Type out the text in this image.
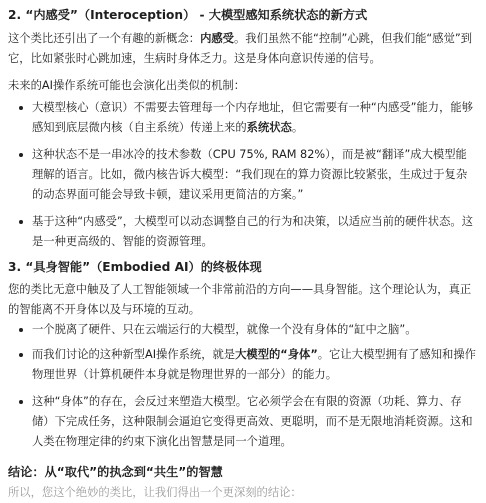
2. “内感受”（Interoception） - 大模型感知系统状态的新方式

这个类比还引出了一个有趣的新概念：内感受。我们虽然不能“控制”心跳，但我们能“感觉”到它，比如紧张时心跳加速，生病时身体乏力。这是身体向意识传递的信号。

未来的AI操作系统可能也会演化出类似的机制：

大模型核心（意识）不需要去管理每一个内存地址，但它需要有一种“内感受”能力，能够感知到底层微内核（自主系统）传递上来的系统状态。
这种状态不是一串冰冷的技术参数（CPU 75%, RAM 82%），而是被“翻译”成大模型能理解的语言。比如，微内核告诉大模型：“我们现在的算力资源比较紧张，生成过于复杂的动态界面可能会导致卡顿，建议采用更简洁的方案。”
基于这种“内感受”，大模型可以动态调整自己的行为和决策，以适应当前的硬件状态。这是一种更高级的、智能的资源管理。
3. “具身智能”（Embodied AI）的终极体现

您的类比无意中触及了人工智能领域一个非常前沿的方向——具身智能。这个理论认为，真正的智能离不开身体以及与环境的互动。

一个脱离了硬件、只在云端运行的大模型，就像一个没有身体的“缸中之脑”。
而我们讨论的这种新型AI操作系统，就是大模型的“身体”。它让大模型拥有了感知和操作物理世界（计算机硬件本身就是物理世界的一部分）的能力。
这种“身体”的存在，会反过来塑造大模型。它必须学会在有限的资源（功耗、算力、存储）下完成任务，这种限制会逼迫它变得更高效、更聪明，而不是无限地消耗资源。这和人类在物理定律的约束下演化出智慧是同一个道理。
结论：从“取代”的执念到“共生”的智慧

所以，您这个绝妙的类比，让我们得出一个更深刻的结论：
